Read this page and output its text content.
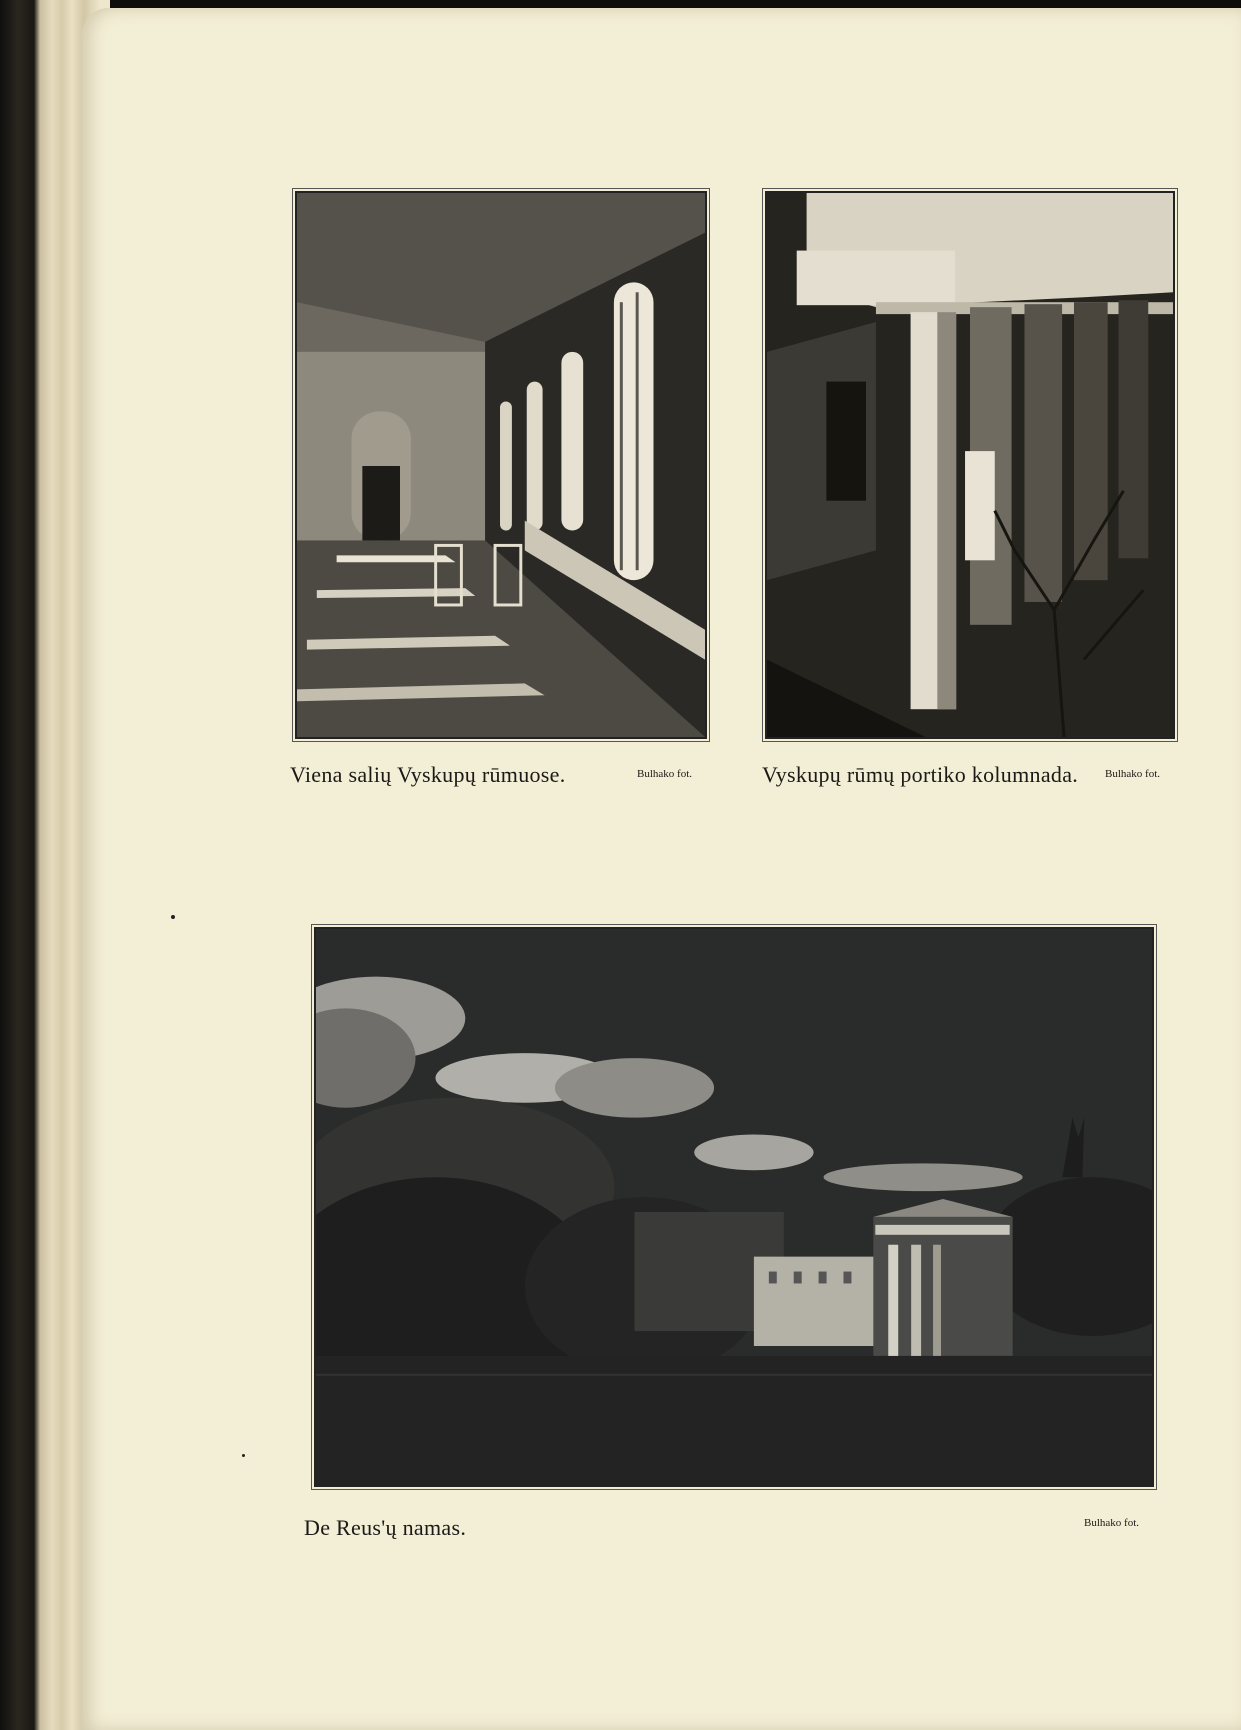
Viena salių Vyskupų rūmuose.	Bulhako fot.	Vyskupų rūmų portiko kolumnada. Bulhako fot.
De Reus'ų namas.	Bulhako fot.
